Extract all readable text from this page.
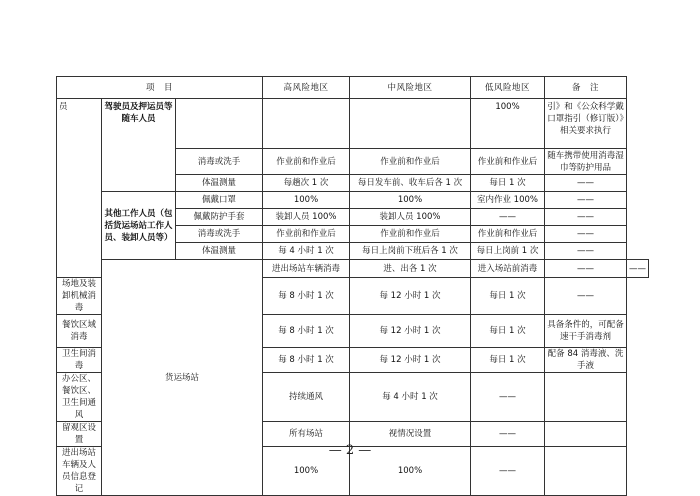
项　目			高风险地区	中风险地区	低风险地区	备　注	
员	驾驶员及押运员等随车人员				100%	引》和《公众科学戴口罩指引（修订版）》相关要求执行	
		消毒或洗手	作业前和作业后	作业前和作业后	作业前和作业后	随车携带使用消毒湿巾等防护用品	
		体温测量	每趟次 1 次	每日发车前、收车后各 1 次	每日 1 次	——	
	其他工作人员（包括货运场站工作人员、装卸人员等）	佩戴口罩	100%	100%	室内作业 100%	——	
		佩戴防护手套	装卸人员 100%	装卸人员 100%	——	——	
		消毒或洗手	作业前和作业后	作业前和作业后	作业前和作业后	——	
		体温测量	每 4 小时 1 次	每日上岗前下班后各 1 次	每日上岗前 1 次	——	
	货运场站		进出场站车辆消毒	进、出各 1 次	进入场站前消毒	——	——
场地及装卸机械消毒			每 8 小时 1 次	每 12 小时 1 次	每日 1 次	——	
餐饮区域消毒			每 8 小时 1 次	每 12 小时 1 次	每日 1 次	具备条件的，可配备速干手消毒剂	
卫生间消毒			每 8 小时 1 次	每 12 小时 1 次	每日 1 次	配备 84 消毒液、洗手液	
办公区、餐饮区、卫生间通风			持续通风	每 4 小时 1 次	——		
留观区设置			所有场站	视情况设置	——		
进出场站车辆及人员信息登记			100%	100%	——		
— 2 —
